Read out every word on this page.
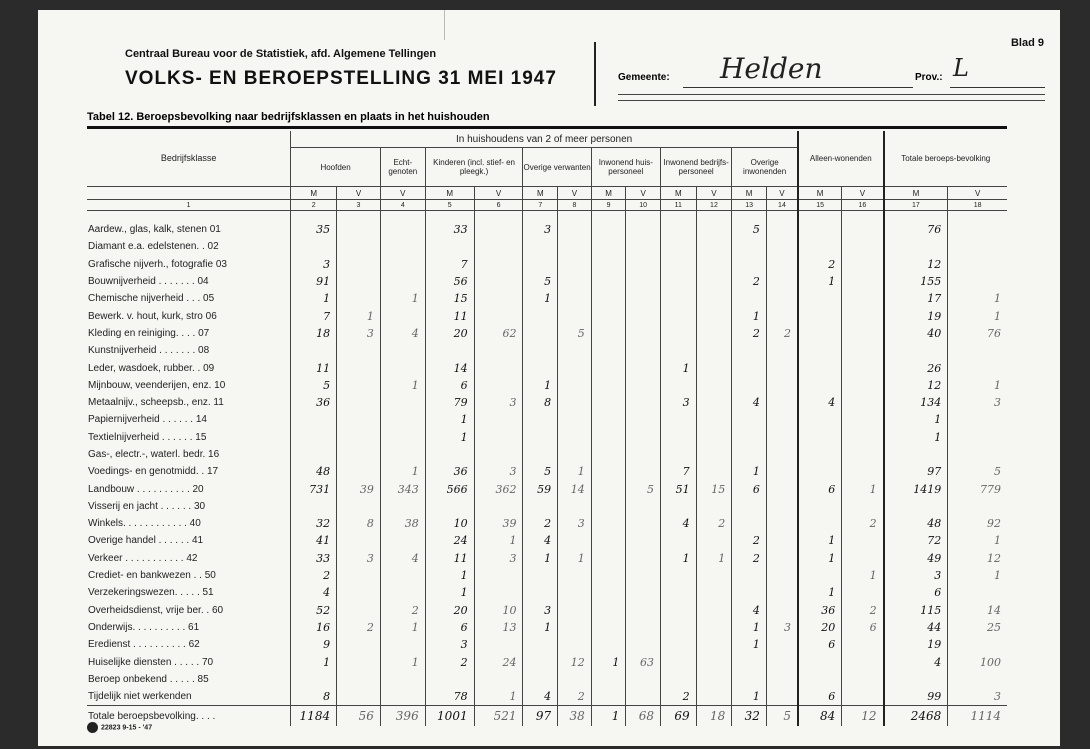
Centraal Bureau voor de Statistiek, afd. Algemene Tellingen
VOLKS- EN BEROEPSTELLING 31 MEI 1947
Blad 9
Gemeente: Helden	Prov.: L
Tabel 12. Beroepsbevolking naar bedrijfsklassen en plaats in het huishouden
Bedrijfsklasse	In huishoudens van 2 of meer personen													Alleen-wonenden		Totale beroeps-bevolking	
	Hoofden		Echt-genoten	Kinderen (incl. stief- en pleegk.)		Overige verwanten		Inwonend huis-personeel		Inwonend bedrijfs-personeel		Overige inwonenden					
	M	V	V	M	V	M	V	M	V	M	V	M	V	M	V	M	V
1	2	3	4	5	6	7	8	9	10	11	12	13	14	15	16	17	18

Aardew., glas, kalk, stenen 01	35			33		3						5				76	
Diamant e.a. edelstenen. . 02																	
Grafische nijverh., fotografie 03	3			7										2		12	
Bouwnijverheid . . . . . . . 04	91			56		5						2		1		155	
Chemische nijverheid . . . 05	1		1	15		1										17	1
Bewerk. v. hout, kurk, stro 06	7	1		11								1				19	1
Kleding en reiniging. . . . 07	18	3	4	20	62		5					2	2			40	76
Kunstnijverheid . . . . . . . 08																	
Leder, wasdoek, rubber. . 09	11			14						1						26	
Mijnbouw, veenderijen, enz. 10	5		1	6		1										12	1
Metaalnijv., scheepsb., enz. 11	36			79	3	8				3		4		4		134	3
Papiernijverheid . . . . . . 14				1												1	
Textielnijverheid . . . . . . 15				1												1	
Gas-, electr.-, waterl. bedr. 16																	
Voedings- en genotmidd. . 17	48		1	36	3	5	1			7		1				97	5
Landbouw . . . . . . . . . . 20	731	39	343	566	362	59	14		5	51	15	6		6	1	1419	779
Visserij en jacht . . . . . . 30																	
Winkels. . . . . . . . . . . . 40	32	8	38	10	39	2	3			4	2				2	48	92
Overige handel . . . . . . 41	41			24	1	4						2		1		72	1
Verkeer . . . . . . . . . . . 42	33	3	4	11	3	1	1			1	1	2		1		49	12
Crediet- en bankwezen . . 50	2			1											1	3	1
Verzekeringswezen. . . . . 51	4			1										1		6	
Overheidsdienst, vrije ber. . 60	52		2	20	10	3						4		36	2	115	14
Onderwijs. . . . . . . . . . 61	16	2	1	6	13	1						1	3	20	6	44	25
Eredienst . . . . . . . . . . 62	9			3								1		6		19	
Huiselijke diensten . . . . . 70	1		1	2	24		12	1	63							4	100
Beroep onbekend . . . . . 85																	
Tijdelijk niet werkenden	8			78	1	4	2			2		1		6		99	3
Totale beroepsbevolking. . . .	1184	56	396	1001	521	97	38	1	68	69	18	32	5	84	12	2468	1114
22823 9-15 - '47
